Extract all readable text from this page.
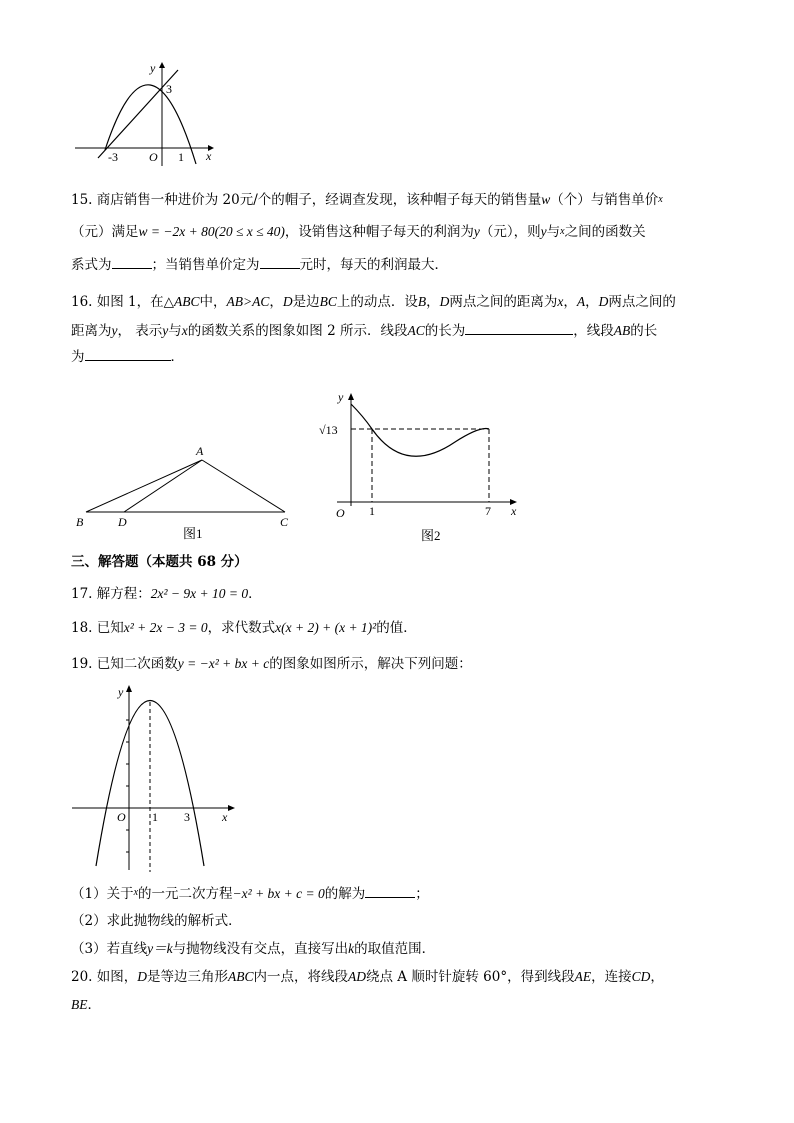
y
x
O
-3	1
3
15. 商店销售一种进价为 20元/个的帽子，经调查发现，该种帽子每天的销售量w（个）与销售单价$^x$
（元）满足w = −2x + 80(20 ≤ x ≤ 40)，设销售这种帽子每天的利润为y（元），则y与$^x$之间的函数关
系式为	；当销售单价定为	元时，每天的利润最大．
16. 如图 1，在△ABC中，AB>AC，D是边BC上的动点．设B，D两点之间的距离为x，A，D两点之间的
距离为y， 表示y与x的函数关系的图象如图 2 所示．线段AC的长为	，线段AB的长
为	．
A
B	D	C
图1
y
x
O
√13
1	7
图2
三、解答题（本题共 68 分）
17. 解方程：2x² − 9x + 10 = 0．
18. 已知x² + 2x − 3 = 0，求代数式x(x + 2) + (x + 1)²的值．
19. 已知二次函数y = −x² + bx + c的图象如图所示，解决下列问题：
y
x
O 1 3
（1）关于$^x$的一元二次方程−x² + bx + c = 0的解为	；
（2）求此抛物线的解析式．
（3）若直线y＝k与抛物线没有交点，直接写出k的取值范围．
20. 如图，D是等边三角形ABC内一点，将线段AD绕点 A 顺时针旋转 60°，得到线段AE，连接CD，
BE．
